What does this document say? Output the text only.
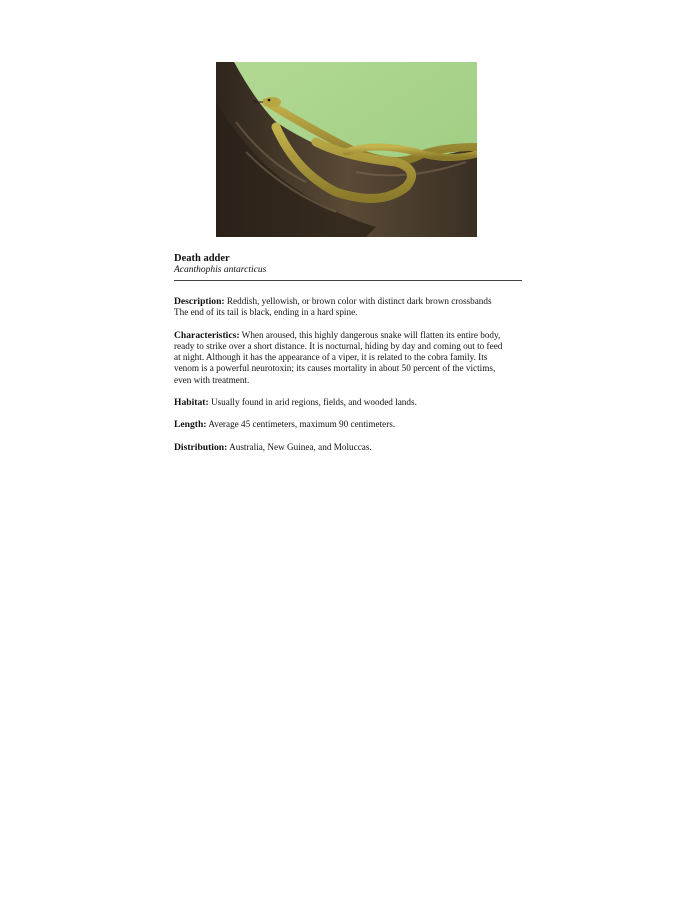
Death adder
Acanthophis antarcticus
Description: Reddish, yellowish, or brown color with distinct dark brown crossbands
The end of its tail is black, ending in a hard spine.
Characteristics: When aroused, this highly dangerous snake will flatten its entire body,
ready to strike over a short distance. It is nocturnal, hiding by day and coming out to feed
at night. Although it has the appearance of a viper, it is related to the cobra family. Its
venom is a powerful neurotoxin; its causes mortality in about 50 percent of the victims,
even with treatment.
Habitat: Usually found in arid regions, fields, and wooded lands.
Length: Average 45 centimeters, maximum 90 centimeters.
Distribution: Australia, New Guinea, and Moluccas.
